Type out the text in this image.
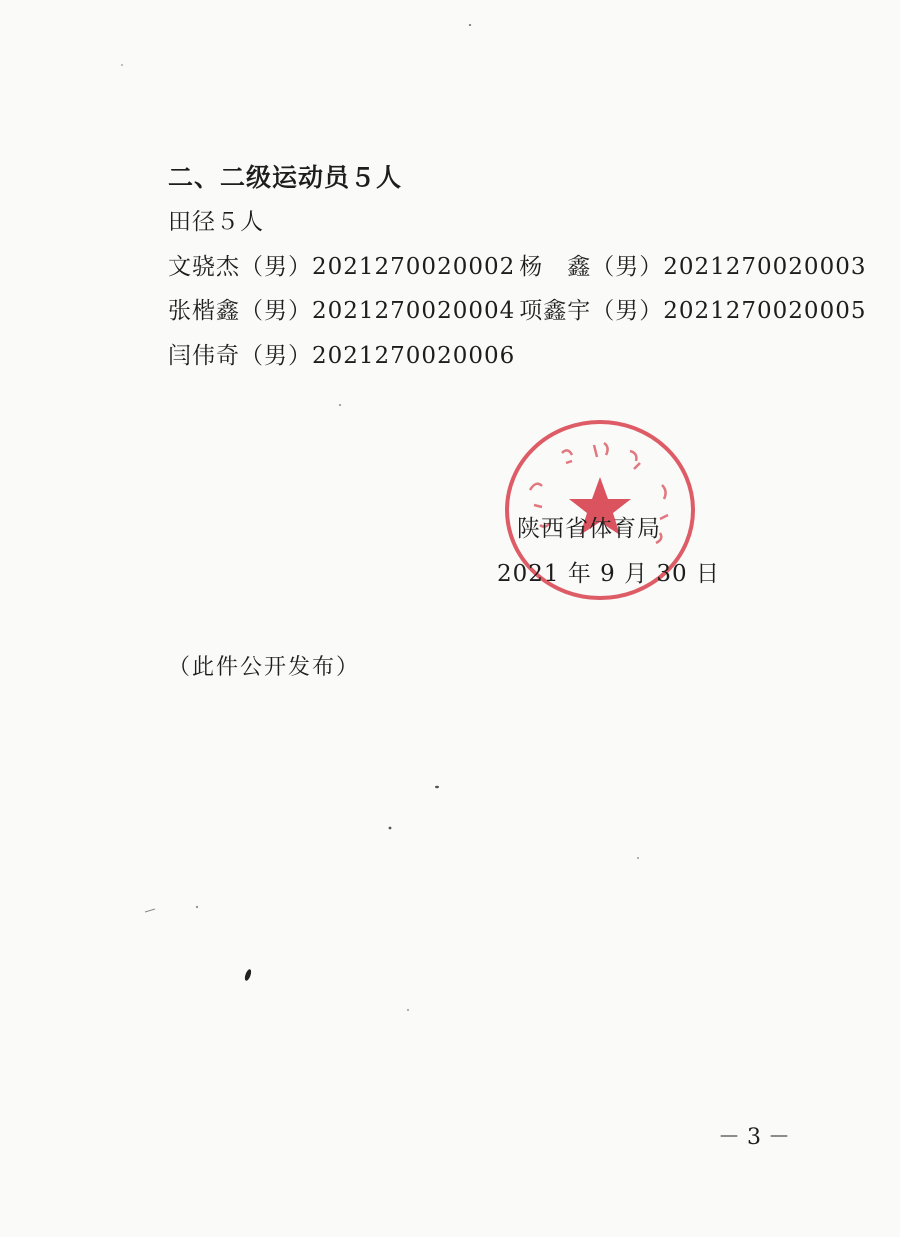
二、二级运动员５人
田径５人
文骁杰（男）2021270020002 杨　鑫（男）2021270020003
张楷鑫（男）2021270020004 项鑫宇（男）2021270020005
闫伟奇（男）2021270020006
陕西省体育局
2021 年 9 月 30 日
（此件公开发布）
－ 3 －
